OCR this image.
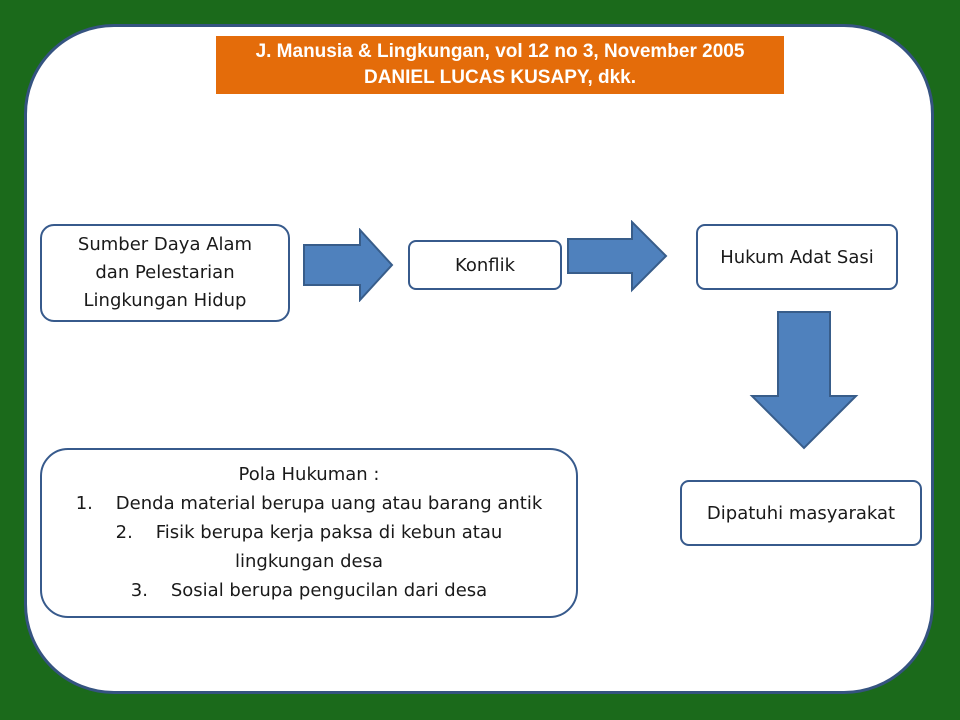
J. Manusia & Lingkungan, vol 12 no 3, November 2005
DANIEL LUCAS KUSAPY, dkk.
Sumber Daya Alam
dan Pelestarian
Lingkungan Hidup
Konflik	Hukum Adat Sasi
Dipatuhi masyarakat
Pola Hukuman :
1.    Denda material berupa uang atau barang antik
2.    Fisik berupa kerja paksa di kebun atau
lingkungan desa
3.    Sosial berupa pengucilan dari desa
